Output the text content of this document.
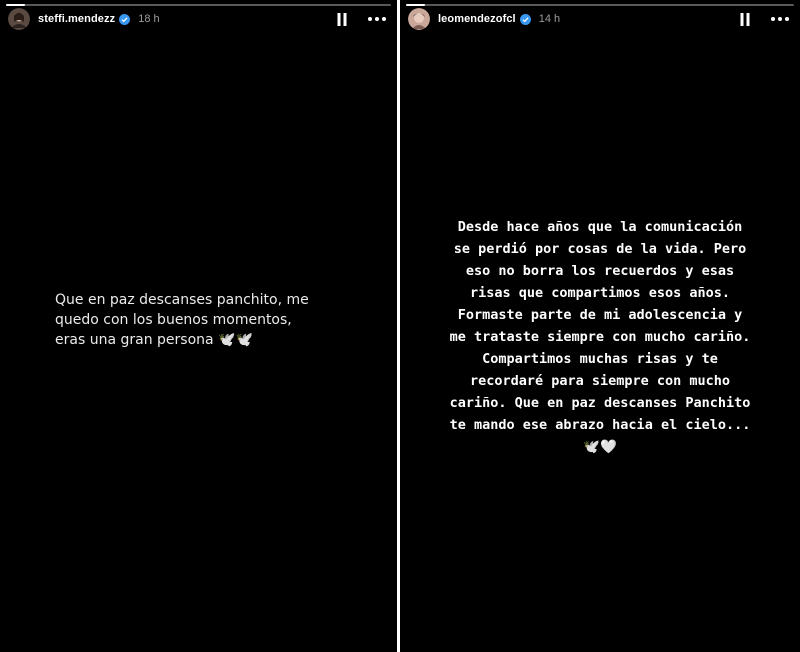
steffi.mendezz 18 h
Que en paz descanses panchito, me
quedo con los buenos momentos,
eras una gran persona 🕊️🕊️
leomendezofcl 14 h
Desde hace años que la comunicación
se perdió por cosas de la vida. Pero
eso no borra los recuerdos y esas
risas que compartimos esos años.
Formaste parte de mi adolescencia y
me trataste siempre con mucho cariño.
Compartimos muchas risas y te
recordaré para siempre con mucho
cariño. Que en paz descanses Panchito
te mando ese abrazo hacia el cielo...
🕊️🤍
